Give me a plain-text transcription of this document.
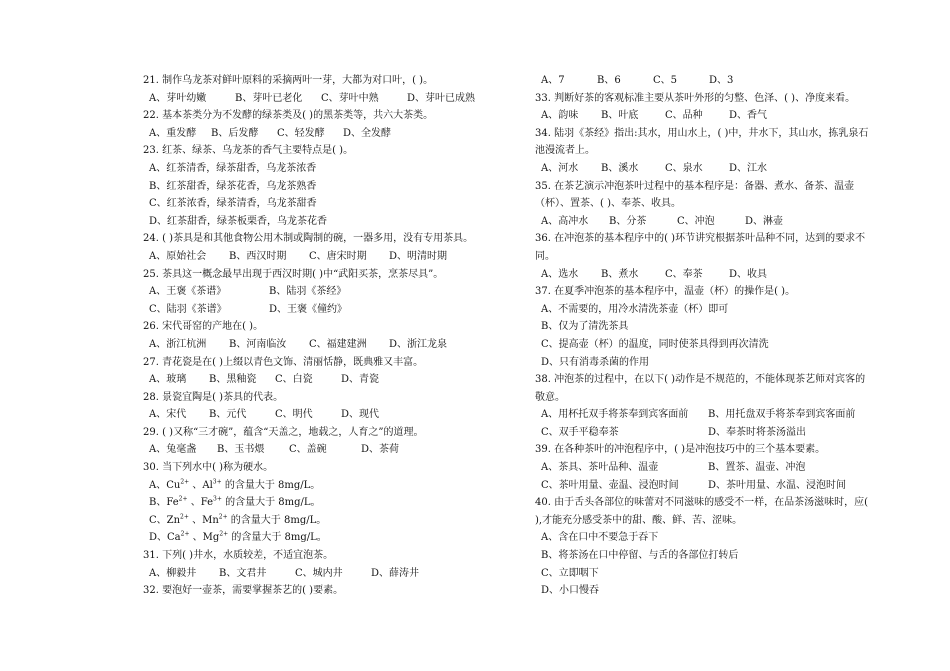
21. 制作乌龙茶对鲜叶原料的采摘两叶一芽，大都为对口叶，( )。
A、芽叶幼嫩	B、芽叶已老化	C、芽叶中熟	D、芽叶已成熟
22. 基本茶类分为不发酵的绿茶类及( )的黑茶类等，共六大茶类。
A、重发酵	B、后发酵	C、轻发酵	D、全发酵
23. 红茶、绿茶、乌龙茶的香气主要特点是( )。
A、红茶清香，绿茶甜香，乌龙茶浓香
B、红茶甜香，绿茶花香，乌龙茶熟香
C、红茶浓香，绿茶清香，乌龙茶甜香
D、红茶甜香，绿茶板栗香，乌龙茶花香
24. ( )茶具是和其他食物公用木制或陶制的碗，一器多用，没有专用茶具。
A、原始社会	B、西汉时期	C、唐宋时期	D、明清时期
25. 茶具这一概念最早出现于西汉时期( )中“武阳买茶，烹茶尽具”。
A、王褒《茶谱》	B、陆羽《茶经》
C、陆羽《茶谱》	D、王褒《僮约》
26. 宋代哥窑的产地在( )。
A、浙江杭洲	B、河南临汝	C、福建建洲	D、浙江龙泉
27. 青花瓷是在( )上缀以青色文饰、清丽恬静，既典雅又丰富。
A、玻璃	B、黑釉瓷	C、白瓷	D、青瓷
28. 景瓷宜陶是( )茶具的代表。
A、宋代	B、元代	C、明代	D、现代
29. ( )又称“三才碗”，蕴含“天盖之，地载之，人育之”的道理。
A、兔毫盏	B、玉书煨	C、盖碗	D、茶荷
30. 当下列水中( )称为硬水。
A、$Cu^{2+}$ 、$Al^{3+}$ 的含量大于 8mg/L。
B、$Fe^{2+}$ 、$Fe^{3+}$ 的含量大于 8mg/L。
C、$Zn^{2+}$ 、$Mn^{2+}$ 的含量大于 8mg/L。
D、$Ca^{2+}$ 、$Mg^{2+}$ 的含量大于 8mg/L。
31. 下列( )井水，水质较差，不适宜泡茶。
A、柳毅井	B、文君井	C、城内井	D、薛涛井
32. 要泡好一壶茶，需要掌握茶艺的( )要素。
A、7	B、6	C、5	D、3
33. 判断好茶的客观标准主要从茶叶外形的匀整、色泽、( )、净度来看。
A、韵味	B、叶底	C、品种	D、香气
34. 陆羽《茶经》指出:其水，用山水上，( )中，井水下，其山水，拣乳泉石池漫流者上。
A、河水	B、溪水	C、泉水	D、江水
35. 在茶艺演示冲泡茶叶过程中的基本程序是：备器、煮水、备茶、温壶（杯）、置茶、( )、奉茶、收具。
A、高冲水	B、分茶	C、冲泡	D、淋壶
36. 在冲泡茶的基本程序中的( )环节讲究根据茶叶品种不同，达到的要求不同。
A、选水	B、煮水	C、奉茶	D、收具
37. 在夏季冲泡茶的基本程序中，温壶（杯）的操作是( )。
A、不需要的，用冷水清洗茶壶（杯）即可
B、仅为了清洗茶具
C、提高壶（杯）的温度，同时使茶具得到再次清洗
D、只有消毒杀菌的作用
38. 冲泡茶的过程中，在以下( )动作是不规范的，不能体现茶艺师对宾客的敬意。
A、用杯托双手将茶奉到宾客面前	B、用托盘双手将茶奉到宾客面前
C、双手平稳奉茶	D、奉茶时将茶汤溢出
39. 在各种茶叶的冲泡程序中，( )是冲泡技巧中的三个基本要素。
A、茶具、茶叶品种、温壶	B、置茶、温壶、冲泡
C、茶叶用量、壶温、浸泡时间	D、茶叶用量、水温、浸泡时间
40. 由于舌头各部位的味蕾对不同滋味的感受不一样，在品茶汤滋味时，应( ),才能充分感受茶中的甜、酸、鲜、苦、涩味。
A、含在口中不要急于吞下
B、将茶汤在口中停留、与舌的各部位打转后
C、立即咽下
D、小口慢吞
